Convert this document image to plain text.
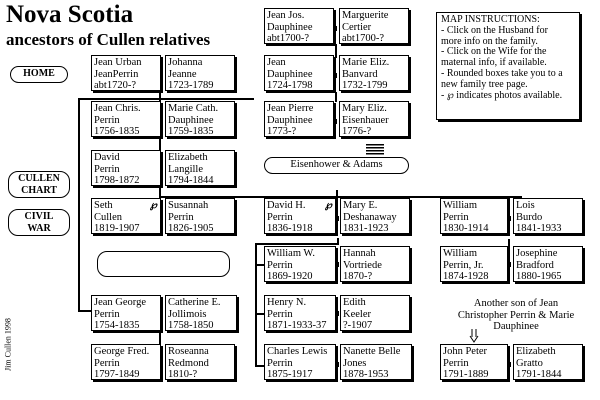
Nova Scotia
ancestors of Cullen relatives
HOME
CULLEN
CHART
CIVIL
WAR
Eisenhower & Adams
MAP INSTRUCTIONS:
- Click on the Husband for
more info on the family.
- Click on the Wife for the
maternal info, if available.
- Rounded boxes take you to a
new family tree page.
- ℘ indicates photos available.
Jean Jos.
Dauphinee
abt1700-?
Marguerite
Certier
abt1700-?
Jean Urban
JeanPerrin
abt1720-?
Johanna
Jeanne
1723-1789
Jean
Dauphinee
1724-1798
Marie Eliz.
Banvard
1732-1799
Jean Chris.
Perrin
1756-1835
Marie Cath.
Dauphinee
1759-1835
Jean Pierre
Dauphinee
1773-?
Mary Eliz.
Eisenhauer
1776-?
David
Perrin
1798-1872
Elizabeth
Langille
1794-1844
Seth
Cullen
1819-1907
℘ Susannah
Perrin
1826-1905
David H.
Perrin
1836-1918
℘ Mary E.
Deshanaway
1831-1923
William
Perrin
1830-1914
Lois
Burdo
1841-1933
William W.
Perrin
1869-1920
Hannah
Vortriede
1870-?
William
Perrin, Jr.
1874-1928
Josephine
Bradford
1880-1965
Jean George
Perrin
1754-1835
Catherine E.
Jollimois
1758-1850
Henry N.
Perrin
1871-1933-37
Edith
Keeler
?-1907
George Fred.
Perrin
1797-1849
Roseanna
Redmond
1810-?
Charles Lewis
Perrin
1875-1917
Nanette Belle
Jones
1878-1953
John Peter
Perrin
1791-1889
Elizabeth
Gratto
1791-1844
Another son of Jean
Christopher Perrin & Marie
Dauphinee
Jim Cullen 1998
